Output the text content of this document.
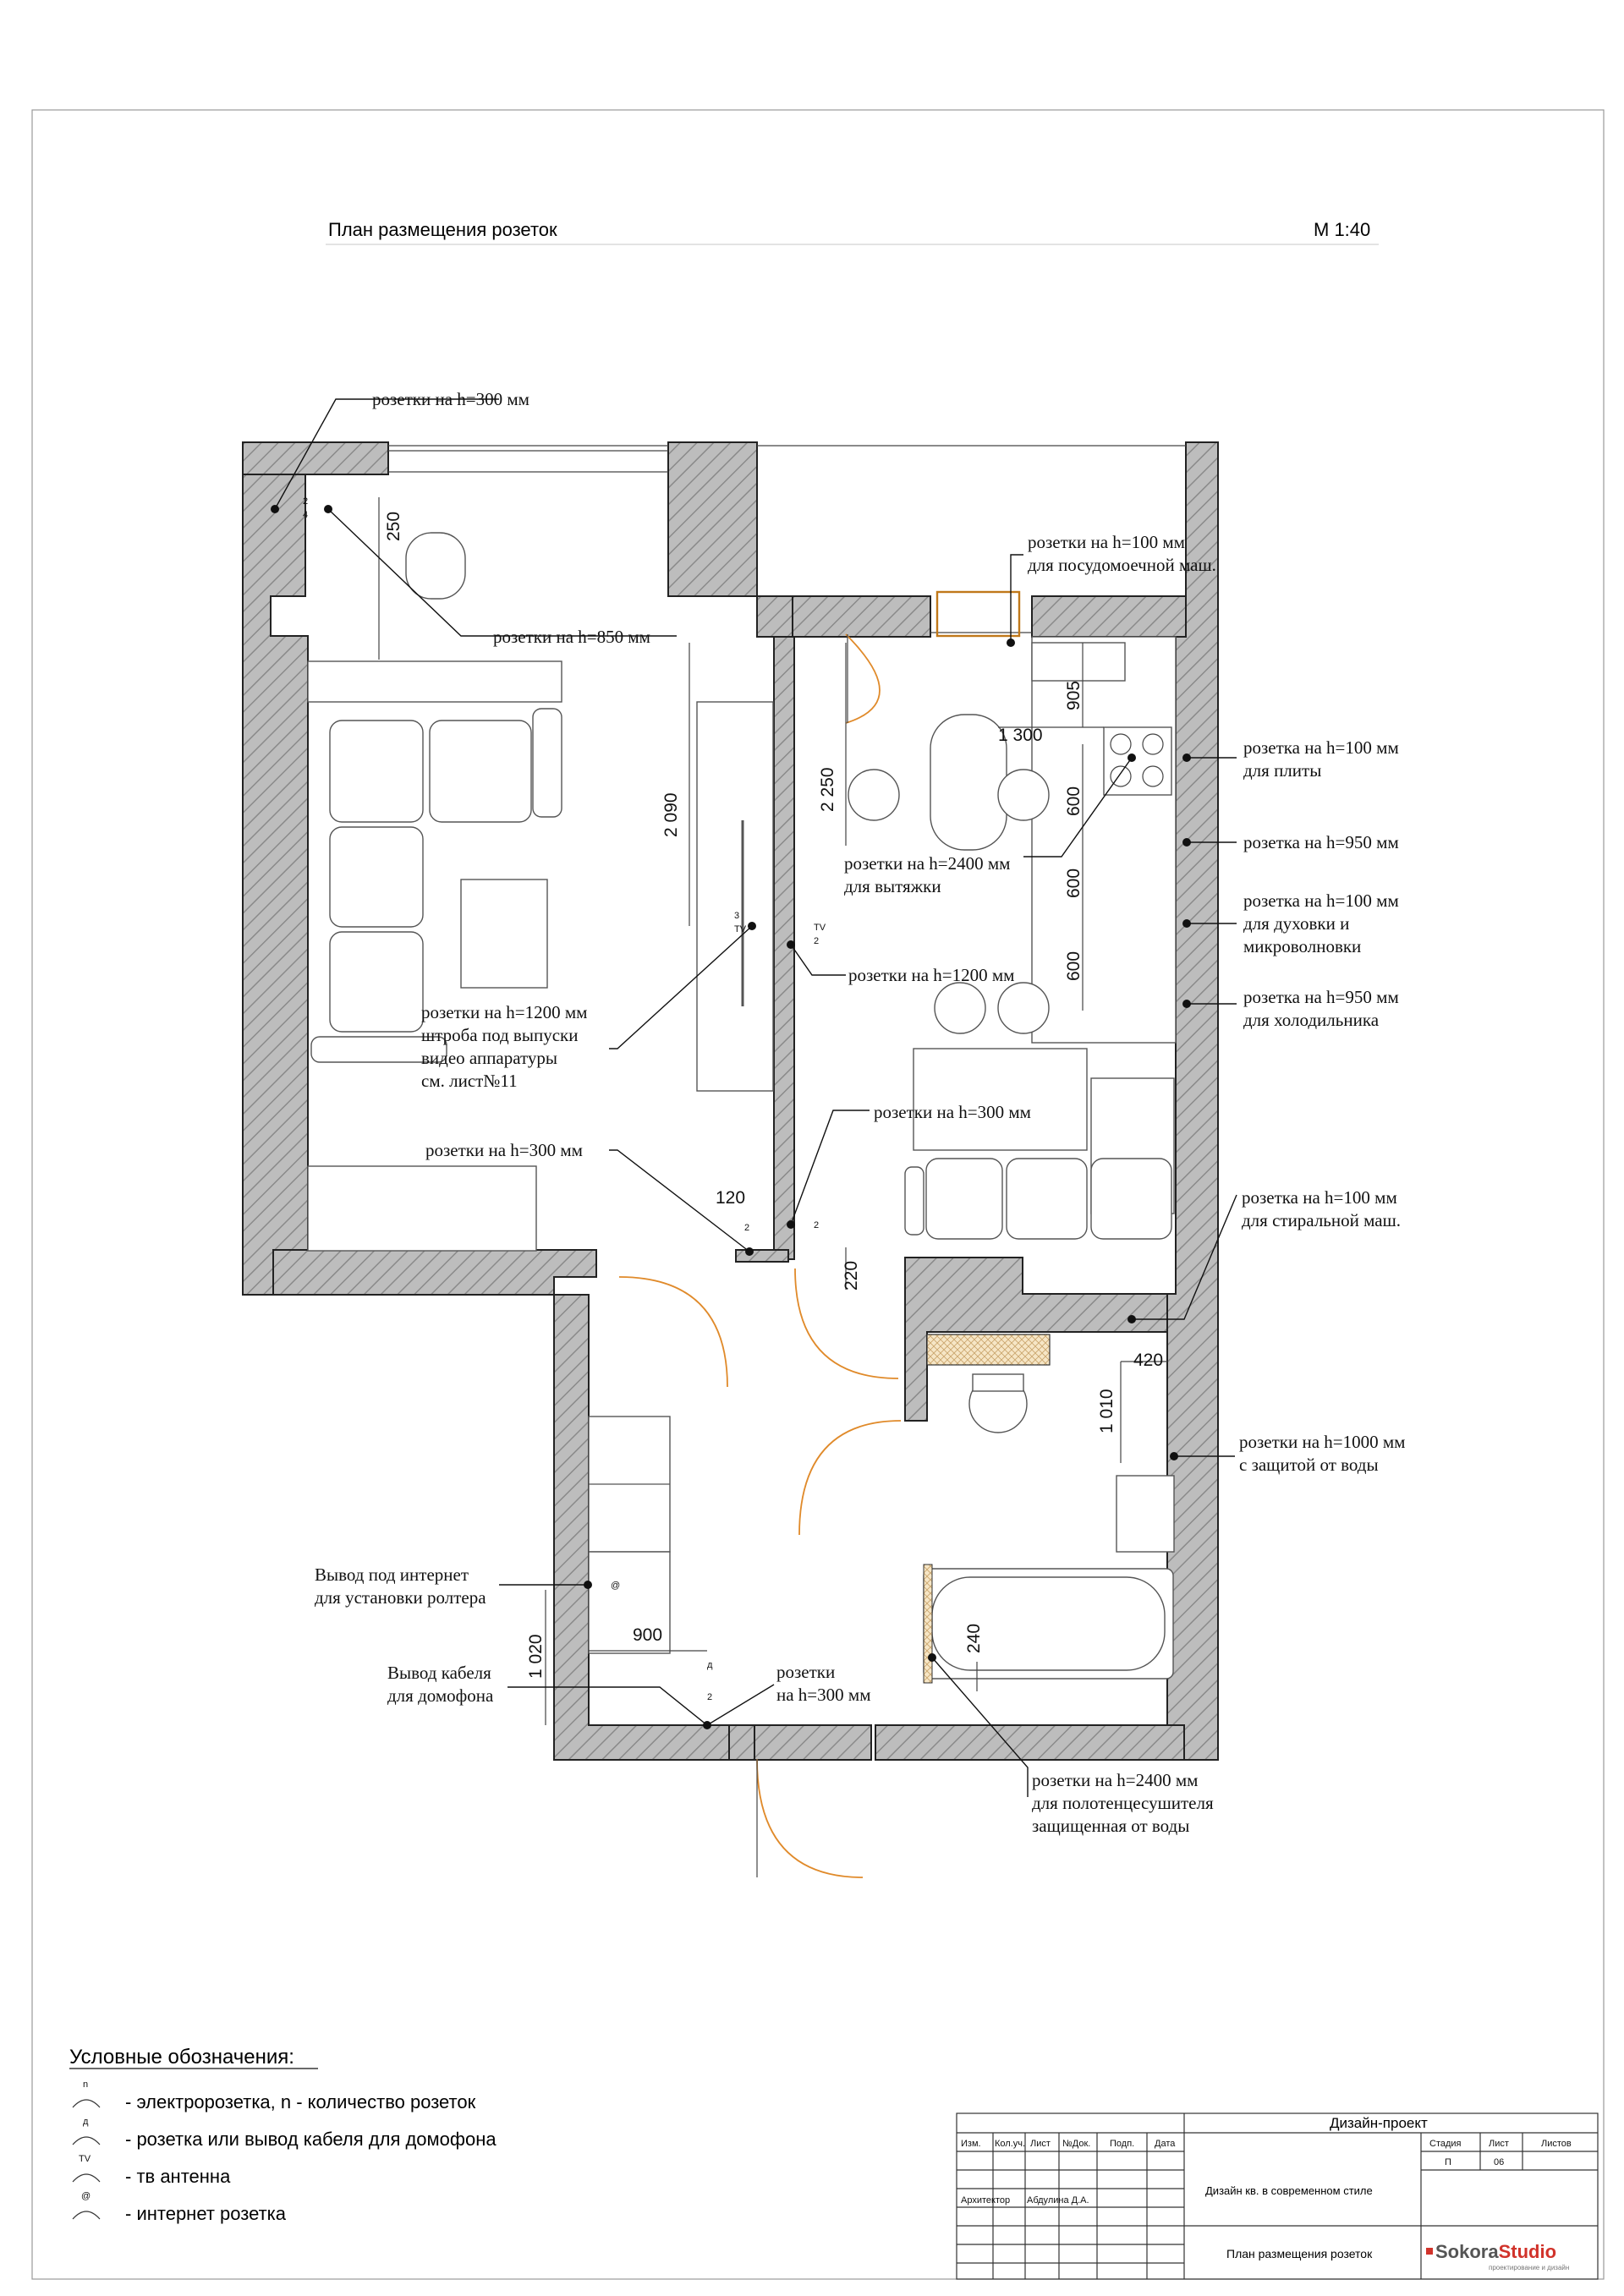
План размещения розеток	М 1:40
250
2 090
2 250
905
1 300
600
600
600
120
220
420
1 010
1 020	900	240
2
4
3
TV	TV
2
2	2
@
д
2
розетки на h=300 мм
розетки на h=850 мм
розетки на h=100 мм
для посудомоечной маш.
розетка на h=100 мм
для плиты
розетка на h=950 мм
розетка на h=100 мм
для духовки и
микроволновки
розетка на h=950 мм
для холодильника
розетки на h=2400 мм
для вытяжки
розетки на h=1200 мм
розетки на h=1200 мм
штроба под выпуски
видео аппаратуры
см. лист№11
розетки на h=300 мм
розетки на h=300 мм
розетка на h=100 мм
для стиральной маш.
розетки на h=1000 мм
с защитой от воды
Вывод под интернет
для установки ролтера
Вывод кабеля
для домофона
розетки
на h=300 мм
розетки на h=2400 мм
для полотенцесушителя
защищенная от воды
Условные обозначения:
n
- электророзетка, n - количество розеток
д
- розетка или вывод кабеля для домофона
TV
- тв антенна
@
- интернет розетка
Изм. Кол.уч. Лист №Док. Подп. Дата
Архитектор Абдулина Д.А.
Дизайн-проект
Дизайн кв. в современном стиле
Стадия	Лист	Листов
П	06
План размещения розеток	SokoraStudio
проектирование и дизайн
